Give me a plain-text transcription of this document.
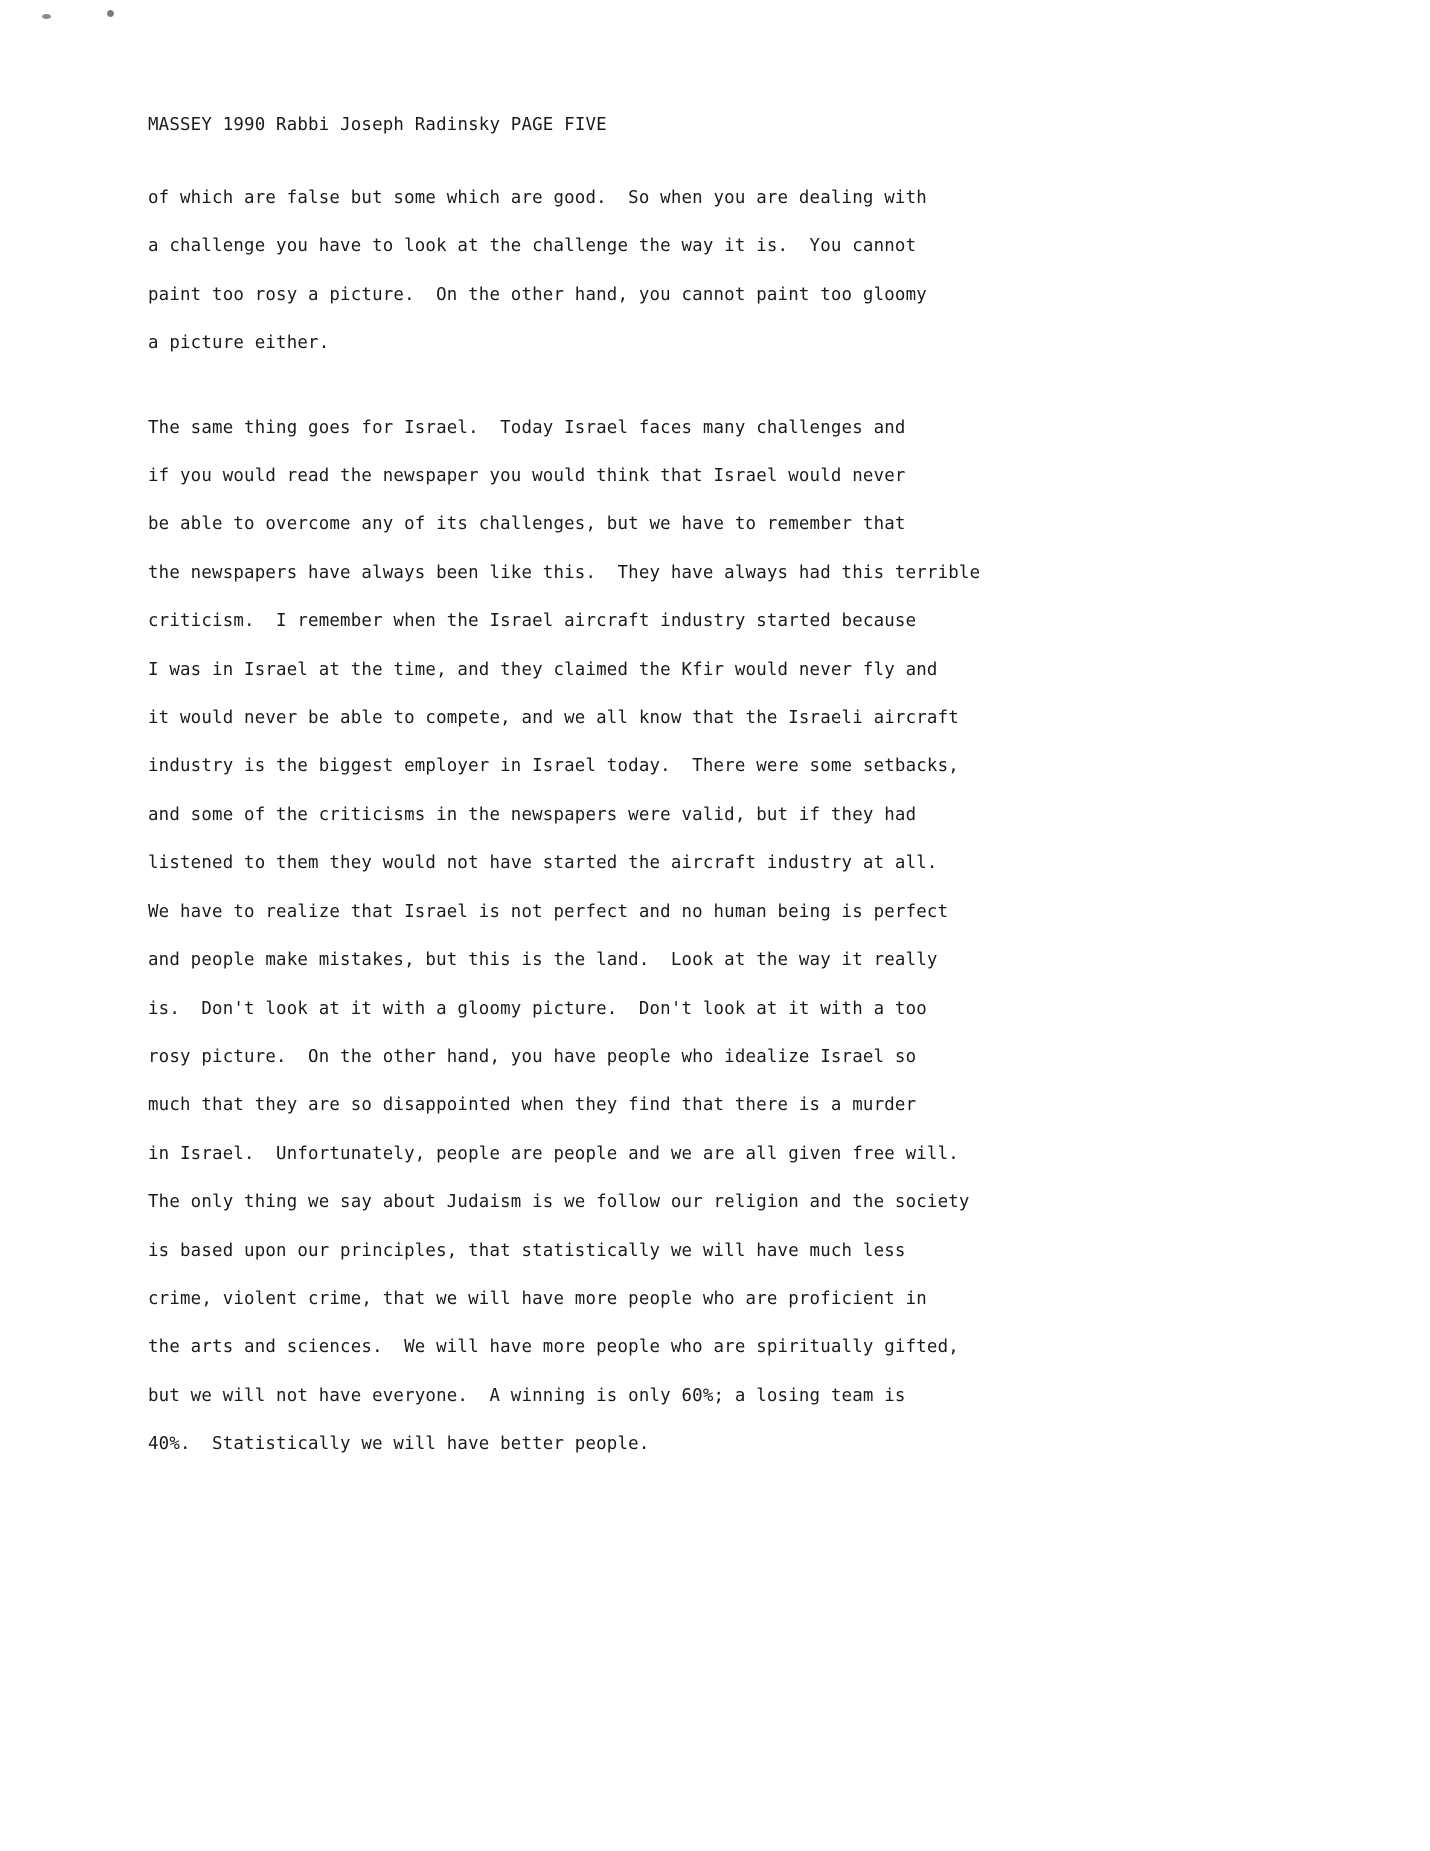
MASSEY 1990 Rabbi Joseph Radinsky PAGE FIVE

of which are false but some which are good.  So when you are dealing with
a challenge you have to look at the challenge the way it is.  You cannot
paint too rosy a picture.  On the other hand, you cannot paint too gloomy
a picture either.

The same thing goes for Israel.  Today Israel faces many challenges and
if you would read the newspaper you would think that Israel would never
be able to overcome any of its challenges, but we have to remember that
the newspapers have always been like this.  They have always had this terrible
criticism.  I remember when the Israel aircraft industry started because
I was in Israel at the time, and they claimed the Kfir would never fly and
it would never be able to compete, and we all know that the Israeli aircraft
industry is the biggest employer in Israel today.  There were some setbacks,
and some of the criticisms in the newspapers were valid, but if they had
listened to them they would not have started the aircraft industry at all.
We have to realize that Israel is not perfect and no human being is perfect
and people make mistakes, but this is the land.  Look at the way it really
is.  Don't look at it with a gloomy picture.  Don't look at it with a too
rosy picture.  On the other hand, you have people who idealize Israel so
much that they are so disappointed when they find that there is a murder
in Israel.  Unfortunately, people are people and we are all given free will.
The only thing we say about Judaism is we follow our religion and the society
is based upon our principles, that statistically we will have much less
crime, violent crime, that we will have more people who are proficient in
the arts and sciences.  We will have more people who are spiritually gifted,
but we will not have everyone.  A winning is only 60%; a losing team is
40%.  Statistically we will have better people.
